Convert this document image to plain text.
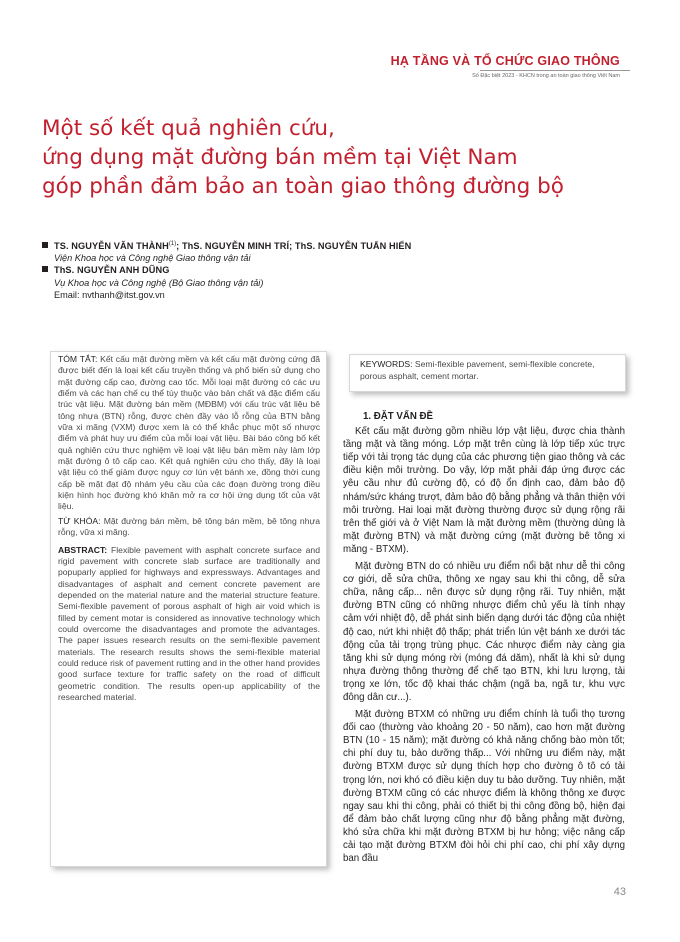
HẠ TẦNG VÀ TỔ CHỨC GIAO THÔNG
Số Đặc biệt 2023 - KHCN trong an toàn giao thông Việt Nam
Một số kết quả nghiên cứu,
ứng dụng mặt đường bán mềm tại Việt Nam
góp phần đảm bảo an toàn giao thông đường bộ
TS. NGUYỄN VĂN THÀNH$^{(1)}$; ThS. NGUYỄN MINH TRÍ; ThS. NGUYỄN TUẤN HIỂN
Viện Khoa học và Công nghệ Giao thông vận tải
ThS. NGUYỄN ANH DŨNG
Vụ Khoa học và Công nghệ (Bộ Giao thông vận tải)
Email: nvthanh@itst.gov.vn

TÓM TẮT: Kết cấu mặt đường mềm và kết cấu mặt đường cứng đã được biết đến là loại kết cấu truyền thống và phổ biến sử dụng cho mặt đường cấp cao, đường cao tốc. Mỗi loại mặt đường có các ưu điểm và các hạn chế cụ thể tùy thuộc vào bản chất và đặc điểm cấu trúc vật liệu. Mặt đường bán mềm (MĐBM) với cấu trúc vật liệu bê tông nhựa (BTN) rỗng, được chèn đầy vào lỗ rỗng của BTN bằng vữa xi măng (VXM) được xem là có thể khắc phục một số nhược điểm và phát huy ưu điểm của mỗi loại vật liệu. Bài báo công bố kết quả nghiên cứu thực nghiệm về loại vật liệu bán mềm này làm lớp mặt đường ô tô cấp cao. Kết quả nghiên cứu cho thấy, đây là loại vật liệu có thể giảm được nguy cơ lún vệt bánh xe, đồng thời cung cấp bề mặt đạt độ nhám yêu cầu của các đoạn đường trong điều kiện hình học đường khó khăn mở ra cơ hội ứng dụng tốt của vật liệu.

TỪ KHÓA: Mặt đường bán mềm, bê tông bán mềm, bê tông nhựa rỗng, vữa xi măng.

ABSTRACT: Flexible pavement with asphalt concrete surface and rigid pavement with concrete slab surface are traditionally and popuparly applied for highways and expressways. Advantages and disadvantages of asphalt and cement concrete pavement are depended on the material nature and the material structure feature. Semi-flexible pavement of porous asphalt of high air void which is filled by cement motar is considered as innovative technology which could overcome the disadvantages and promote the advantages. The paper issues research results on the semi-flexible pavement materials. The research results shows the semi-flexible material could reduce risk of pavement rutting and in the other hand provides good surface texture for traffic safety on the road of difficult geometric condition. The results open-up applicability of the researched material.

KEYWORDS: Semi-flexible pavement, semi-flexible concrete, porous asphalt, cement mortar.
1. ĐẶT VẤN ĐỀ

Kết cấu mặt đường gồm nhiều lớp vật liệu, được chia thành tầng mặt và tầng móng. Lớp mặt trên cùng là lớp tiếp xúc trực tiếp với tải trọng tác dụng của các phương tiện giao thông và các điều kiện môi trường. Do vậy, lớp mặt phải đáp ứng được các yêu cầu như đủ cường độ, có độ ổn định cao, đảm bảo độ nhám/sức kháng trượt, đảm bảo độ bằng phẳng và thân thiện với môi trường. Hai loại mặt đường thường được sử dụng rộng rãi trên thế giới và ở Việt Nam là mặt đường mềm (thường dùng là mặt đường BTN) và mặt đường cứng (mặt đường bê tông xi măng - BTXM).

Mặt đường BTN do có nhiều ưu điểm nổi bật như dễ thi công cơ giới, dễ sửa chữa, thông xe ngay sau khi thi công, dễ sửa chữa, nâng cấp... nên được sử dụng rộng rãi. Tuy nhiên, mặt đường BTN cũng có những nhược điểm chủ yếu là tính nhạy cảm với nhiệt độ, dễ phát sinh biến dạng dưới tác động của nhiệt độ cao, nứt khi nhiệt độ thấp; phát triển lún vệt bánh xe dưới tác động của tải trọng trùng phục. Các nhược điểm này càng gia tăng khi sử dụng móng rời (móng đá dăm), nhất là khi sử dụng nhựa đường thông thường để chế tạo BTN, khi lưu lượng, tải trọng xe lớn, tốc độ khai thác chậm (ngã ba, ngã tư, khu vực đông dân cư...).

Mặt đường BTXM có những ưu điểm chính là tuổi thọ tương đối cao (thường vào khoảng 20 - 50 năm), cao hơn mặt đường BTN (10 - 15 năm); mặt đường có khả năng chống bào mòn tốt; chi phí duy tu, bảo dưỡng thấp... Với những ưu điểm này, mặt đường BTXM được sử dụng thích hợp cho đường ô tô có tải trọng lớn, nơi khó có điều kiện duy tu bảo dưỡng. Tuy nhiên, mặt đường BTXM cũng có các nhược điểm là không thông xe được ngay sau khi thi công, phải có thiết bị thi công đồng bộ, hiện đại để đảm bảo chất lượng cũng như độ bằng phẳng mặt đường, khó sửa chữa khi mặt đường BTXM bị hư hỏng; việc nâng cấp cải tạo mặt đường BTXM đòi hỏi chi phí cao, chi phí xây dựng ban đầu

43
